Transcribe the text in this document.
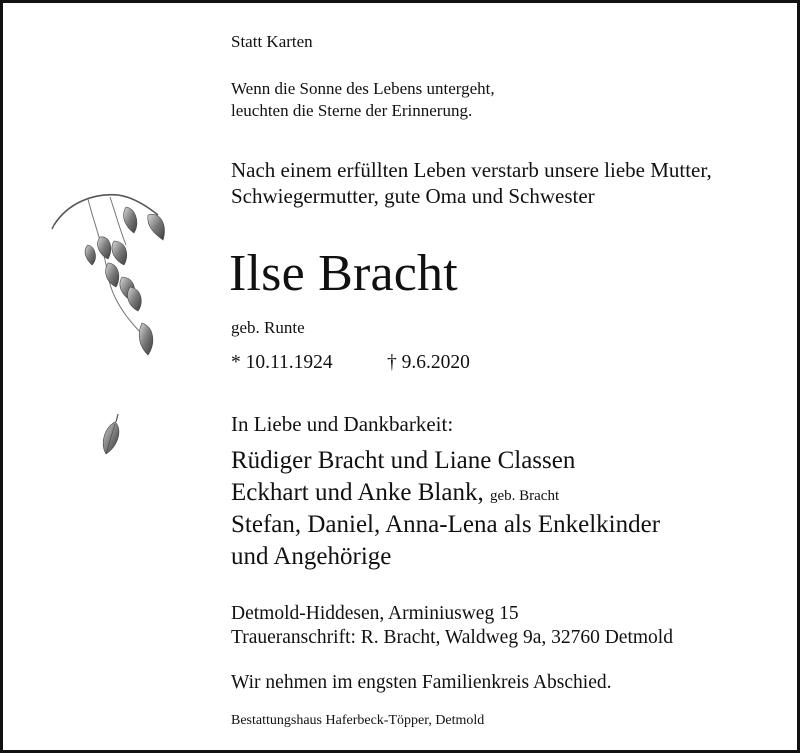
Statt Karten
Wenn die Sonne des Lebens untergeht,
leuchten die Sterne der Erinnerung.
Nach einem erfüllten Leben verstarb unsere liebe Mutter,
Schwiegermutter, gute Oma und Schwester
Ilse Bracht
geb. Runte
* 10.11.1924	† 9.6.2020
In Liebe und Dankbarkeit:
Rüdiger Bracht und Liane Classen
Eckhart und Anke Blank, geb. Bracht
Stefan, Daniel, Anna-Lena als Enkelkinder
und Angehörige
Detmold-Hiddesen, Arminiusweg 15
Traueranschrift: R. Bracht, Waldweg 9a, 32760 Detmold
Wir nehmen im engsten Familienkreis Abschied.
Bestattungshaus Haferbeck-Töpper, Detmold
